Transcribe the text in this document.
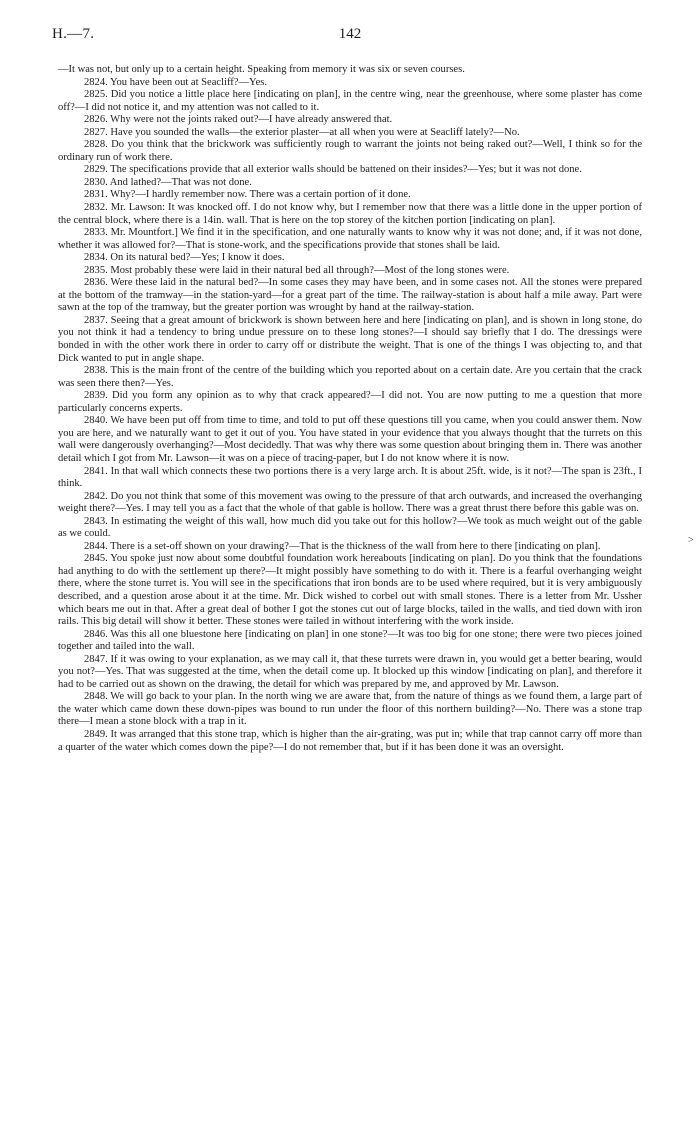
H.—7.	142

—It was not, but only up to a certain height. Speaking from memory it was six or seven courses.

2824. You have been out at Seacliff?—Yes.

2825. Did you notice a little place here [indicating on plan], in the centre wing, near the greenhouse, where some plaster has come off?—I did not notice it, and my attention was not called to it.

2826. Why were not the joints raked out?—I have already answered that.

2827. Have you sounded the walls—the exterior plaster—at all when you were at Seacliff lately?—No.

2828. Do you think that the brickwork was sufficiently rough to warrant the joints not being raked out?—Well, I think so for the ordinary run of work there.

2829. The specifications provide that all exterior walls should be battened on their insides?—Yes; but it was not done.

2830. And lathed?—That was not done.

2831. Why?—I hardly remember now. There was a certain portion of it done.

2832. Mr. Lawson: It was knocked off. I do not know why, but I remember now that there was a little done in the upper portion of the central block, where there is a 14in. wall. That is here on the top storey of the kitchen portion [indicating on plan].

2833. Mr. Mountfort.] We find it in the specification, and one naturally wants to know why it was not done; and, if it was not done, whether it was allowed for?—That is stone-work, and the specifications provide that stones shall be laid.

2834. On its natural bed?—Yes; I know it does.

2835. Most probably these were laid in their natural bed all through?—Most of the long stones were.

2836. Were these laid in the natural bed?—In some cases they may have been, and in some cases not. All the stones were prepared at the bottom of the tramway—in the station-yard—for a great part of the time. The railway-station is about half a mile away. Part were sawn at the top of the tramway, but the greater portion was wrought by hand at the railway-station.

2837. Seeing that a great amount of brickwork is shown between here and here [indicating on plan], and is shown in long stone, do you not think it had a tendency to bring undue pressure on to these long stones?—I should say briefly that I do. The dressings were bonded in with the other work there in order to carry off or distribute the weight. That is one of the things I was objecting to, and that Dick wanted to put in angle shape.

2838. This is the main front of the centre of the building which you reported about on a certain date. Are you certain that the crack was seen there then?—Yes.

2839. Did you form any opinion as to why that crack appeared?—I did not. You are now putting to me a question that more particularly concerns experts.

2840. We have been put off from time to time, and told to put off these questions till you came, when you could answer them. Now you are here, and we naturally want to get it out of you. You have stated in your evidence that you always thought that the turrets on this wall were dangerously overhanging?—Most decidedly. That was why there was some question about bringing them in. There was another detail which I got from Mr. Lawson—it was on a piece of tracing-paper, but I do not know where it is now.

2841. In that wall which connects these two portions there is a very large arch. It is about 25ft. wide, is it not?—The span is 23ft., I think.

2842. Do you not think that some of this movement was owing to the pressure of that arch outwards, and increased the overhanging weight there?—Yes. I may tell you as a fact that the whole of that gable is hollow. There was a great thrust there before this gable was on.

2843. In estimating the weight of this wall, how much did you take out for this hollow?—We took as much weight out of the gable as we could.

2844. There is a set-off shown on your drawing?—That is the thickness of the wall from here to there [indicating on plan].

2845. You spoke just now about some doubtful foundation work hereabouts [indicating on plan]. Do you think that the foundations had anything to do with the settlement up there?—It might possibly have something to do with it. There is a fearful overhanging weight there, where the stone turret is. You will see in the specifications that iron bonds are to be used where required, but it is very ambiguously described, and a question arose about it at the time. Mr. Dick wished to corbel out with small stones. There is a letter from Mr. Ussher which bears me out in that. After a great deal of bother I got the stones cut out of large blocks, tailed in the walls, and tied down with iron rails. This big detail will show it better. These stones were tailed in without interfering with the work inside.

2846. Was this all one bluestone here [indicating on plan] in one stone?—It was too big for one stone; there were two pieces joined together and tailed into the wall.

2847. If it was owing to your explanation, as we may call it, that these turrets were drawn in, you would get a better bearing, would you not?—Yes. That was suggested at the time, when the detail come up. It blocked up this window [indicating on plan], and therefore it had to be carried out as shown on the drawing, the detail for which was prepared by me, and approved by Mr. Lawson.

2848. We will go back to your plan. In the north wing we are aware that, from the nature of things as we found them, a large part of the water which came down these down-pipes was bound to run under the floor of this northern building?—No. There was a stone trap there—I mean a stone block with a trap in it.

2849. It was arranged that this stone trap, which is higher than the air-grating, was put in; while that trap cannot carry off more than a quarter of the water which comes down the pipe?—I do not remember that, but if it has been done it was an oversight.

>
